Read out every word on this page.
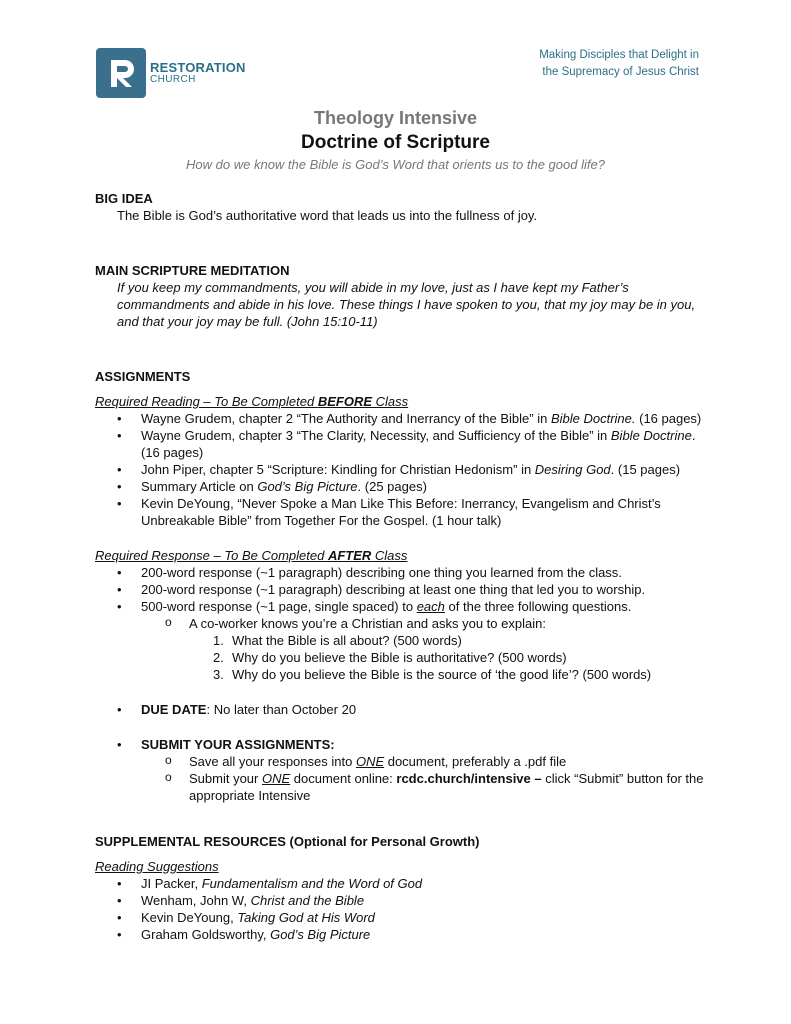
RESTORATION
CHURCH
Making Disciples that Delight in
the Supremacy of Jesus Christ
Theology Intensive
Doctrine of Scripture
How do we know the Bible is God’s Word that orients us to the good life?
BIG IDEA
The Bible is God’s authoritative word that leads us into the fullness of joy.
MAIN SCRIPTURE MEDITATION
If you keep my commandments, you will abide in my love, just as I have kept my Father’s commandments and abide in his love. These things I have spoken to you, that my joy may be in you, and that your joy may be full. (John 15:10-11)
ASSIGNMENTS
Required Reading – To Be Completed BEFORE Class
• Wayne Grudem, chapter 2 “The Authority and Inerrancy of the Bible” in Bible Doctrine. (16 pages)
• Wayne Grudem, chapter 3 “The Clarity, Necessity, and Sufficiency of the Bible” in Bible Doctrine. (16 pages)
• John Piper, chapter 5 “Scripture: Kindling for Christian Hedonism” in Desiring God. (15 pages)
• Summary Article on God’s Big Picture. (25 pages)
• Kevin DeYoung, “Never Spoke a Man Like This Before: Inerrancy, Evangelism and Christ’s Unbreakable Bible” from Together For the Gospel. (1 hour talk)
Required Response – To Be Completed AFTER Class
• 200-word response (~1 paragraph) describing one thing you learned from the class.
• 200-word response (~1 paragraph) describing at least one thing that led you to worship.
• 500-word response (~1 page, single spaced) to each of the three following questions.
o A co-worker knows you’re a Christian and asks you to explain:
1. What the Bible is all about? (500 words)
2. Why do you believe the Bible is authoritative? (500 words)
3. Why do you believe the Bible is the source of ‘the good life’? (500 words)
• DUE DATE: No later than October 20
• SUBMIT YOUR ASSIGNMENTS:
o Save all your responses into ONE document, preferably a .pdf file
o Submit your ONE document online: rcdc.church/intensive – click “Submit” button for the appropriate Intensive
SUPPLEMENTAL RESOURCES (Optional for Personal Growth)
Reading Suggestions
• JI Packer, Fundamentalism and the Word of God
• Wenham, John W, Christ and the Bible
• Kevin DeYoung, Taking God at His Word
• Graham Goldsworthy, God’s Big Picture
